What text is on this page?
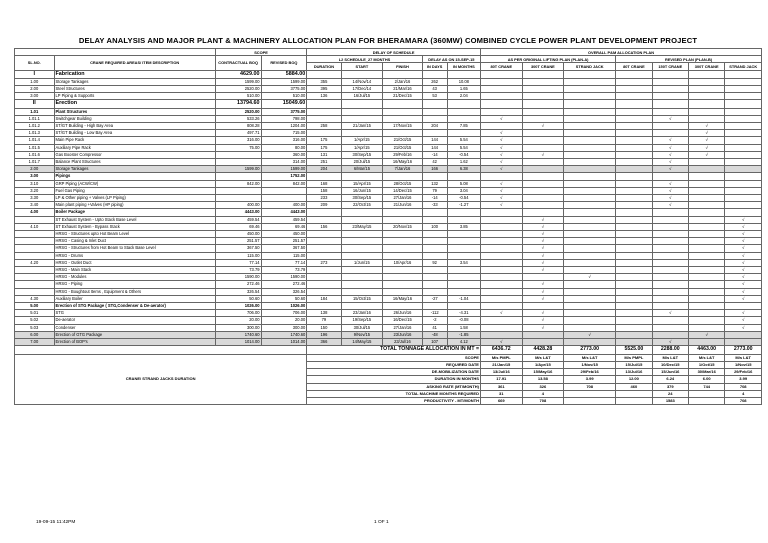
DELAY ANALYSIS AND MAJOR PLANT & MACHINERY ALLOCATION PLAN FOR BHERAMARA (360MW) COMBINED CYCLE POWER PLANT DEVELOPMENT PROJECT
		SCOPE		DELAY OF SCHEDULE					OVERALL P&M ALLOCATION PLAN						
SL.NO.	CRANE REQUIRED AREAS/ ITEM DESCRIPTION	CONTRACTUAL BOQ	REVISED BOQ	L2 SCHEDULE_27 MONTHS			DELAY AS ON 15-SEP-15		AS PER ORIGINAL LIFTING PLAN (PLAN-A)			REVISED PLAN (PLAN-B)			
				DURATION	START	FINISH	IN DAYS	IN MONTHS	80T CRANE	300T CRANE	STRAND JACK	80T CRANE	150T CRANE	300T CRANE	STRAND JACK
I	Fabrication	4629.00	5884.00												
1.00	Storage Tankages	1599.00	1599.00	355	14/Nov/14	2/Jan/16	262	10.08							
2.00	Steel Structures	2520.00	3775.00	395	17/Dec/14	21/Mar/16	43	1.65							
3.00	LP Piping & Supports	510.00	510.00	136	16/Jul/15	21/Dec/15	53	2.04							
II	Erection	13794.60	15049.60												
1.01	Plant Structures	2520.00	3775.00												
1.01.1	Switchgear Building	533.26	798.00						√				√		
1.01.2	ST/GT Building - High Bay Area	808.28	1204.00	258	21/Jan/15	17/Nov/15	204	7.85		√				√	
1.01.3	ST/GT Building - Low Bay Area	497.71	715.00						√					√	
1.01.4	Main Pipe Rack	316.00	316.00	175	1/Apr/15	21/Oct/15	144	5.54	√				√	√	
1.01.5	Auxiliary Pipe Rack	75.00	80.00	175	1/Apr/15	21/Oct/15	144	5.54	√				√	√	
1.01.6	Gas Booster Compressor		360.00	131	30/Sep/15	29/Feb/16	-14	-0.54	√	√			√	√	
1.01.7	Balance Plant Structures		314.00	251	20/Jul/15	16/May/16	42	1.62	√				√		
2.00	Storage Tankages	1599.00	1599.00	204	6/Mar/15	7/Jan/16	166	6.38	√				√		
3.00	Pipings		1752.00												
3.10	GRP Piping (ACW/CW)	842.00	842.00	168	15/Apr/15	28/Oct/15	132	5.08	√				√		
3.20	Fuel Gas Piping			158	16/Jun/15	14/Dec/15	79	3.04	√				√		
3.30	LP & Other piping + Valves (LP Piping)			233	30/Sep/15	27/Jan/16	-14	-0.54	√				√		
3.40	Main plant piping +Valves (HP piping)	400.00	400.00	209	22/Oct/15	21/Jun/16	-33	-1.27	√				√		
4.00	Boiler Package	4443.00	4443.00												
	ST Exhaust System - Upto Stack Base Level	459.54	459.54							√					√
4.10	ST Exhaust System - Bypass Stack	69.46	69.46	156	23/May/15	20/Nov/15	100	3.85		√					√
	HRSG - Structures upto Hot Beam Level	450.00	450.00							√					√
	HRSG - Casing & Inlet Duct	251.57	251.57							√					√
	HRSG - Structures from Hot Beam to Stack Base Level	367.50	367.50							√					√
	HRSG - Drums	115.00	115.00							√					√
4.20	HRSG - Outlet Duct	77.14	77.14	273	1/Jun/15	10/Apr/16	92	3.54		√					√
	HRSG - Main Stack	73.79	73.79							√					√
	HRSG - Modules	1590.00	1590.00								√				√
	HRSG - Piping	272.46	272.46							√					√
	HRSG - Boughtout Items , Equipment & Others	326.54	326.54							√					√
4.30	Auxiliary Boiler	50.60	50.60	184	15/Oct/15	16/May/16	-27	-1.04		√					√
5.00	Erection of STG Package ( STG,Condenser & De-aerator)	1026.00	1026.00												
5.01	STG	706.00	706.00	138	23/Jan/16	26/Jun/16	-112	-4.31	√	√			√		√
5.02	De-aerator	20.00	20.00	79	19/Sep/15	16/Dec/15	-2	-0.08		√					√
5.03	Condenser	300.00	300.00	150	30/Jul/15	27/Jan/16	41	1.58		√					√
6.00	Erection of GTG Package	1740.60	1740.60	196	9/Nov/15	23/Jun/16	-48	-1.85			√			√	
7.00	Erection of BOP's	1014.00	1014.00	366	14/May/15	23/Jul/16	107	4.12	√				√		
				TOTAL TONNAGE ALLOCATION IN MT =					6436.72	4428.28	2773.00	5525.00	2288.00	4463.00	2773.00
CRANE/ STRAND JACKS DURATION				SCOPE					M/s PMPL	M/s L&T	M/s L&T	M/s PMPL	M/s L&T	M/s L&T	M/s L&T
				REQUIRED DATE					21/Jan/15	1/Apr/15	1/Nov/15	15/Jul/15	10/Dec/15	1/Oct/15	1/Nov/15
				DE-MOBILIZATION DATE					13/Jul/16	15/May/16	29/Feb/16	13/Jul/16	15/Jun/16	30/Mar/16	29/Feb/16
				DURATION IN MONTHS					17.91	13.58	3.99	12.00	6.24	6.00	3.99
				ASKING RATE (MT/MONTH)					361	326	708	460	379	744	708
				TOTAL MACHINE MONTHS REQUIRED					31	4			24		4
				PRODUCTIVITY - MT/MONTH					669	708			1583		708
19-09-15 11:42PM	1 OF 1
